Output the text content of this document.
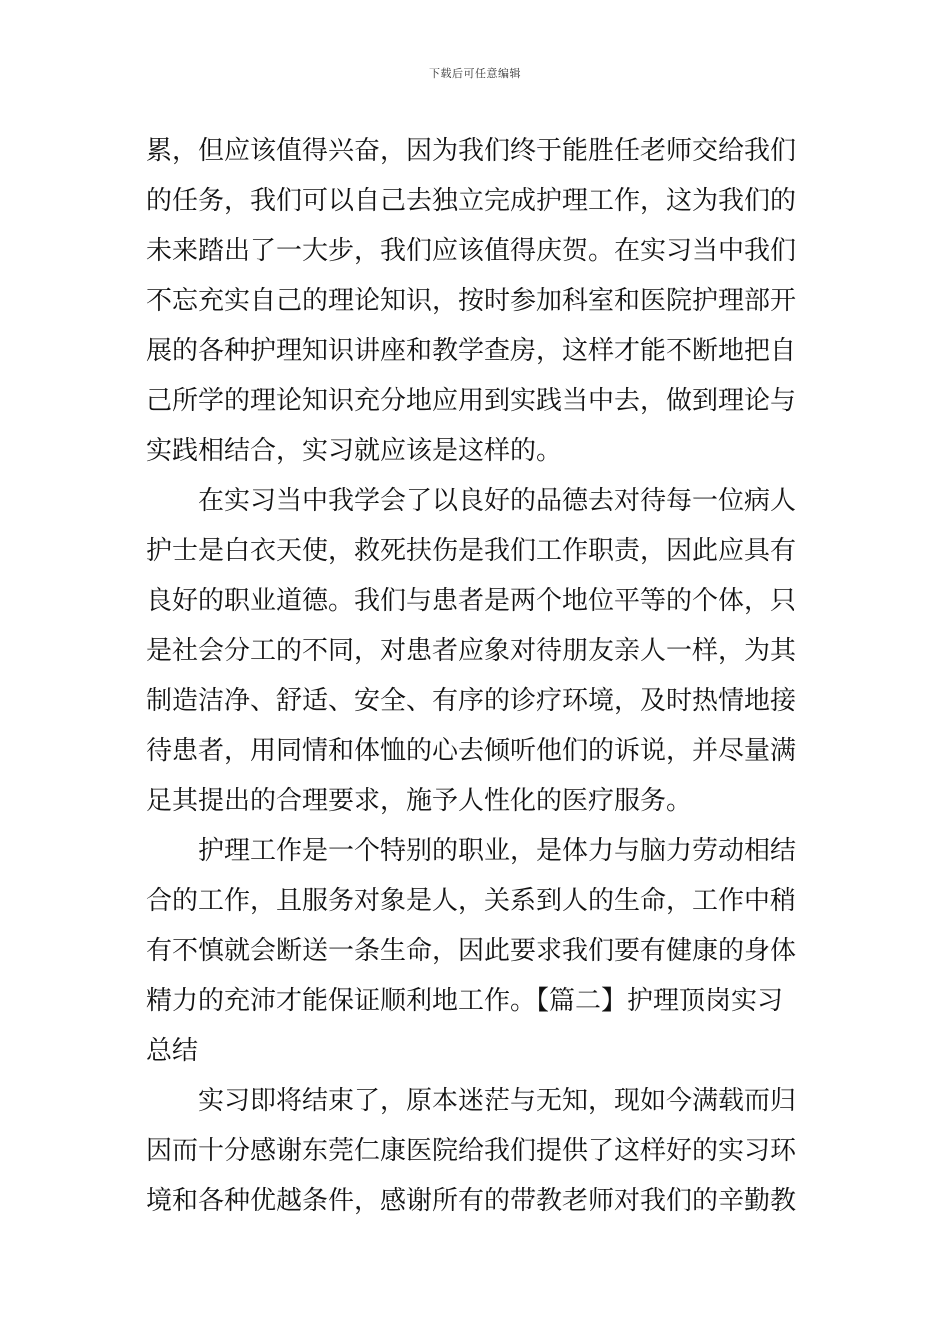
下载后可任意编辑
累，但应该值得兴奋，因为我们终于能胜任老师交给我们
的任务，我们可以自己去独立完成护理工作，这为我们的
未来踏出了一大步，我们应该值得庆贺。在实习当中我们
不忘充实自己的理论知识，按时参加科室和医院护理部开
展的各种护理知识讲座和教学查房，这样才能不断地把自
己所学的理论知识充分地应用到实践当中去，做到理论与
实践相结合，实习就应该是这样的。
在实习当中我学会了以良好的品德去对待每一位病人
护士是白衣天使，救死扶伤是我们工作职责，因此应具有
良好的职业道德。我们与患者是两个地位平等的个体，只
是社会分工的不同，对患者应象对待朋友亲人一样，为其
制造洁净、舒适、安全、有序的诊疗环境，及时热情地接
待患者，用同情和体恤的心去倾听他们的诉说，并尽量满
足其提出的合理要求，施予人性化的医疗服务。
护理工作是一个特别的职业，是体力与脑力劳动相结
合的工作，且服务对象是人，关系到人的生命，工作中稍
有不慎就会断送一条生命，因此要求我们要有健康的身体
精力的充沛才能保证顺利地工作。【篇二】护理顶岗实习
总结
实习即将结束了，原本迷茫与无知，现如今满载而归
因而十分感谢东莞仁康医院给我们提供了这样好的实习环
境和各种优越条件，感谢所有的带教老师对我们的辛勤教
